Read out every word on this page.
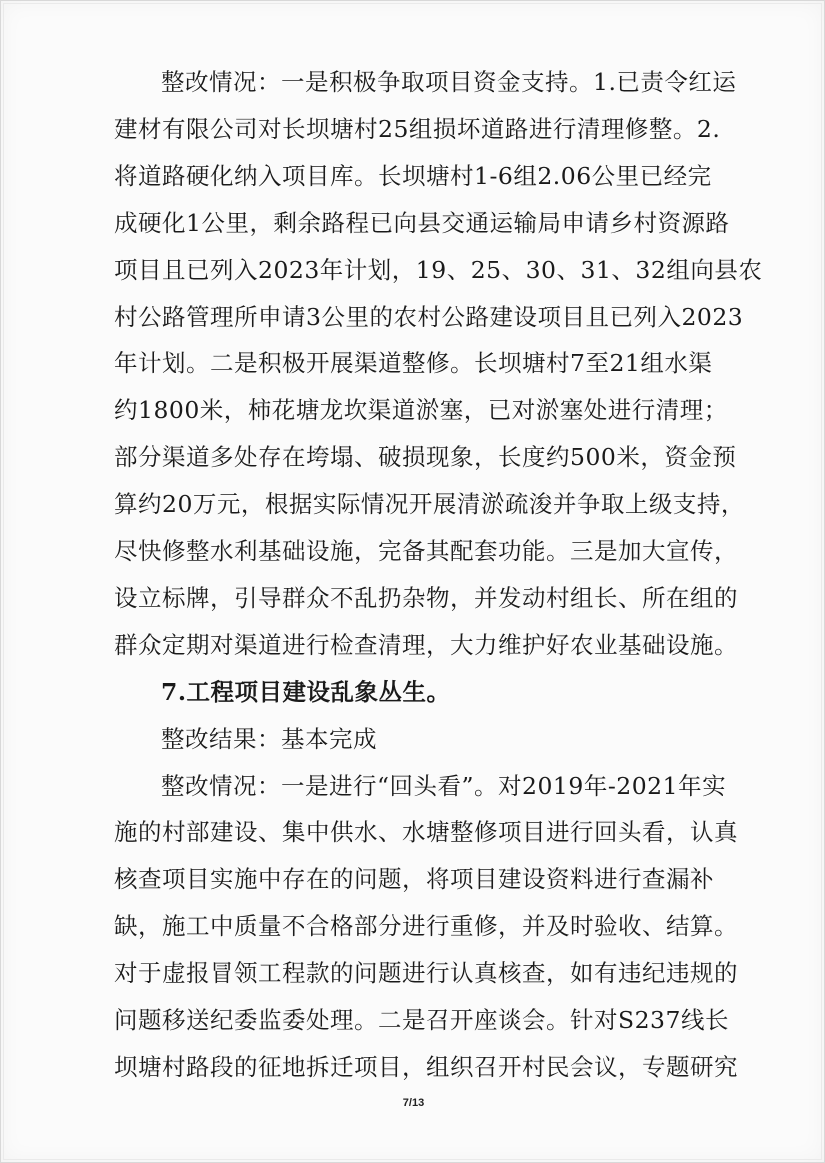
整改情况：一是积极争取项目资金支持。1.已责令红运
建材有限公司对长坝塘村25组损坏道路进行清理修整。2.
将道路硬化纳入项目库。长坝塘村1-6组2.06公里已经完
成硬化1公里，剩余路程已向县交通运输局申请乡村资源路
项目且已列入2023年计划，19、25、30、31、32组向县农
村公路管理所申请3公里的农村公路建设项目且已列入2023
年计划。二是积极开展渠道整修。长坝塘村7至21组水渠
约1800米，柿花塘龙坎渠道淤塞，已对淤塞处进行清理；
部分渠道多处存在垮塌、破损现象，长度约500米，资金预
算约20万元，根据实际情况开展清淤疏浚并争取上级支持，
尽快修整水利基础设施，完备其配套功能。三是加大宣传，
设立标牌，引导群众不乱扔杂物，并发动村组长、所在组的
群众定期对渠道进行检查清理，大力维护好农业基础设施。
7.工程项目建设乱象丛生。
整改结果：基本完成
整改情况：一是进行“回头看”。对2019年-2021年实
施的村部建设、集中供水、水塘整修项目进行回头看，认真
核查项目实施中存在的问题，将项目建设资料进行查漏补
缺，施工中质量不合格部分进行重修，并及时验收、结算。
对于虚报冒领工程款的问题进行认真核查，如有违纪违规的
问题移送纪委监委处理。二是召开座谈会。针对S237线长
坝塘村路段的征地拆迁项目，组织召开村民会议，专题研究
7/13
